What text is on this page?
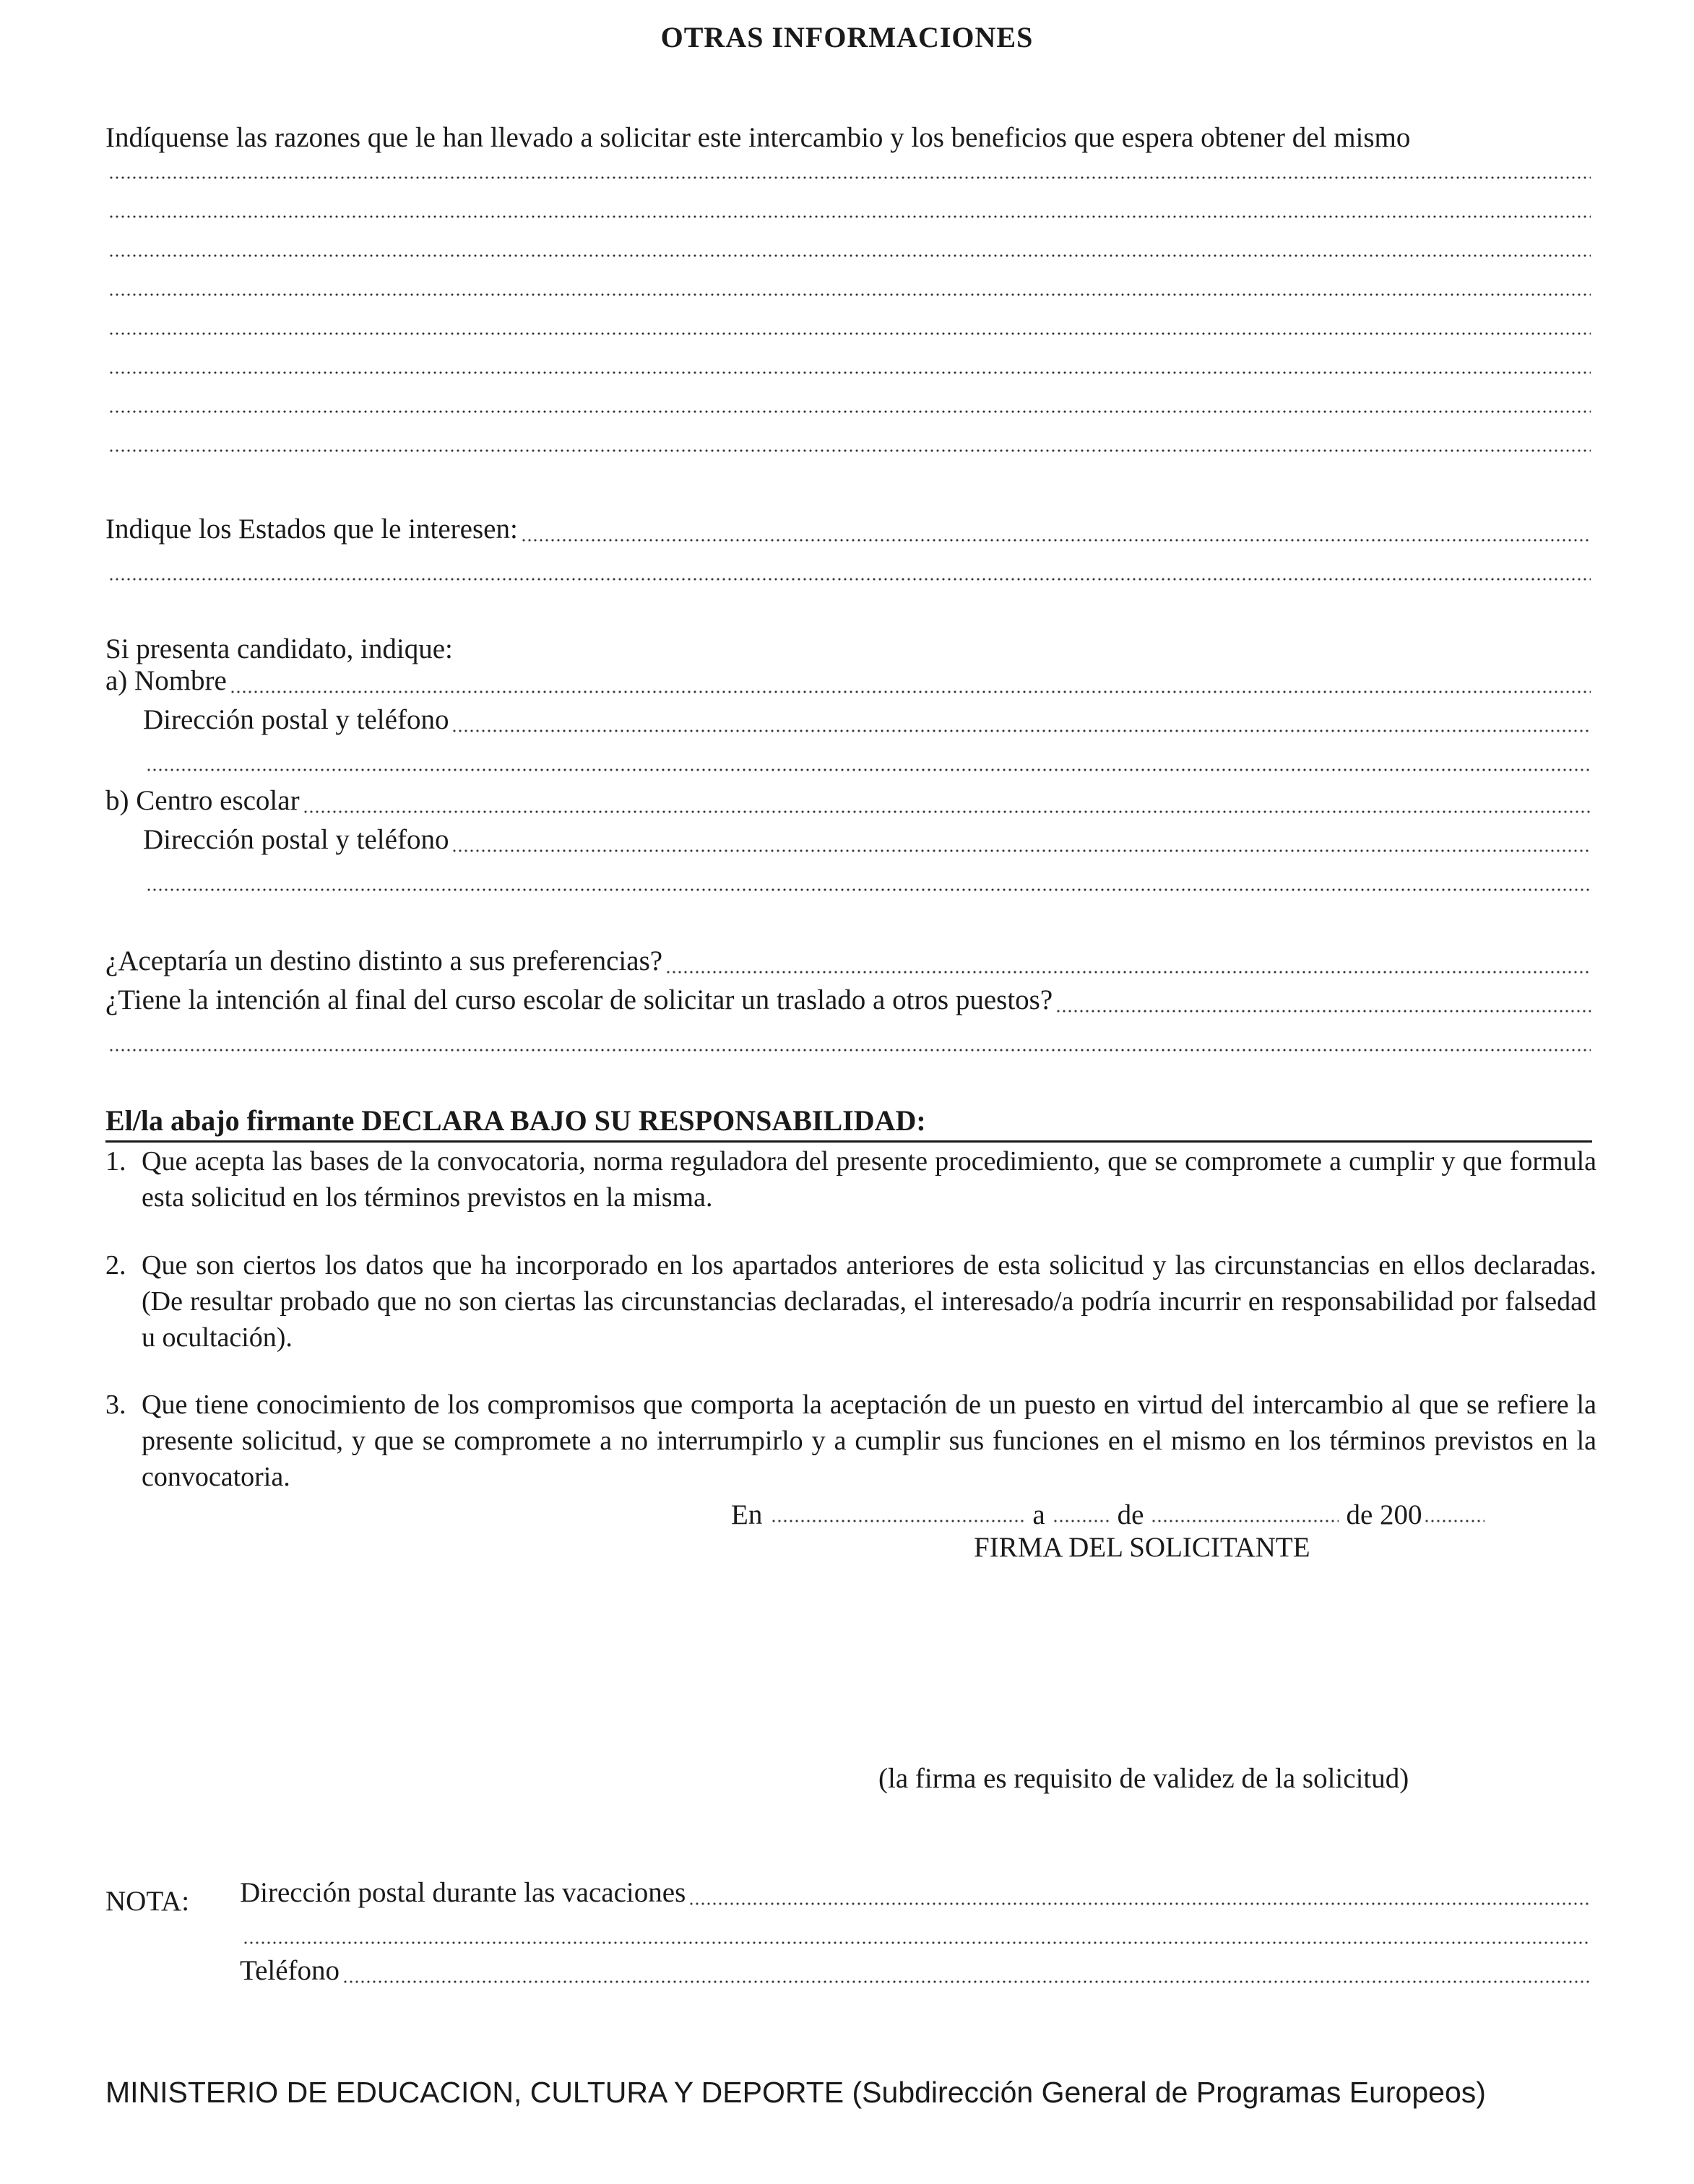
OTRAS INFORMACIONES
Indíquense las razones que le han llevado a solicitar este intercambio y los beneficios que espera obtener del mismo
Indique los Estados que le interesen:
Si presenta candidato, indique:
a) Nombre
Dirección postal y teléfono
b) Centro escolar
Dirección postal y teléfono
¿Aceptaría un destino distinto a sus preferencias?
¿Tiene la intención al final del curso escolar de solicitar un traslado a otros puestos?
El/la abajo firmante DECLARA BAJO SU RESPONSABILIDAD:
1. Que acepta las bases de la convocatoria, norma reguladora del presente procedimiento, que se compromete a cumplir y que formula esta solicitud en los términos previstos en la misma.
2. Que son ciertos los datos que ha incorporado en los apartados anteriores de esta solicitud y las circunstancias en ellos declaradas. (De resultar probado que no son ciertas las circunstancias declaradas, el interesado/a podría incurrir en responsabilidad por falsedad u ocultación).
3. Que tiene conocimiento de los compromisos que comporta la aceptación de un puesto en virtud del intercambio al que se refiere la presente solicitud, y que se compromete a no interrumpirlo y a cumplir sus funciones en el mismo en los términos previstos en la convocatoria.
En	a	de	de 200
FIRMA DEL SOLICITANTE
(la firma es requisito de validez de la solicitud)
NOTA: Dirección postal durante las vacaciones
Teléfono
MINISTERIO DE EDUCACION, CULTURA Y DEPORTE (Subdirección General de Programas Europeos)
